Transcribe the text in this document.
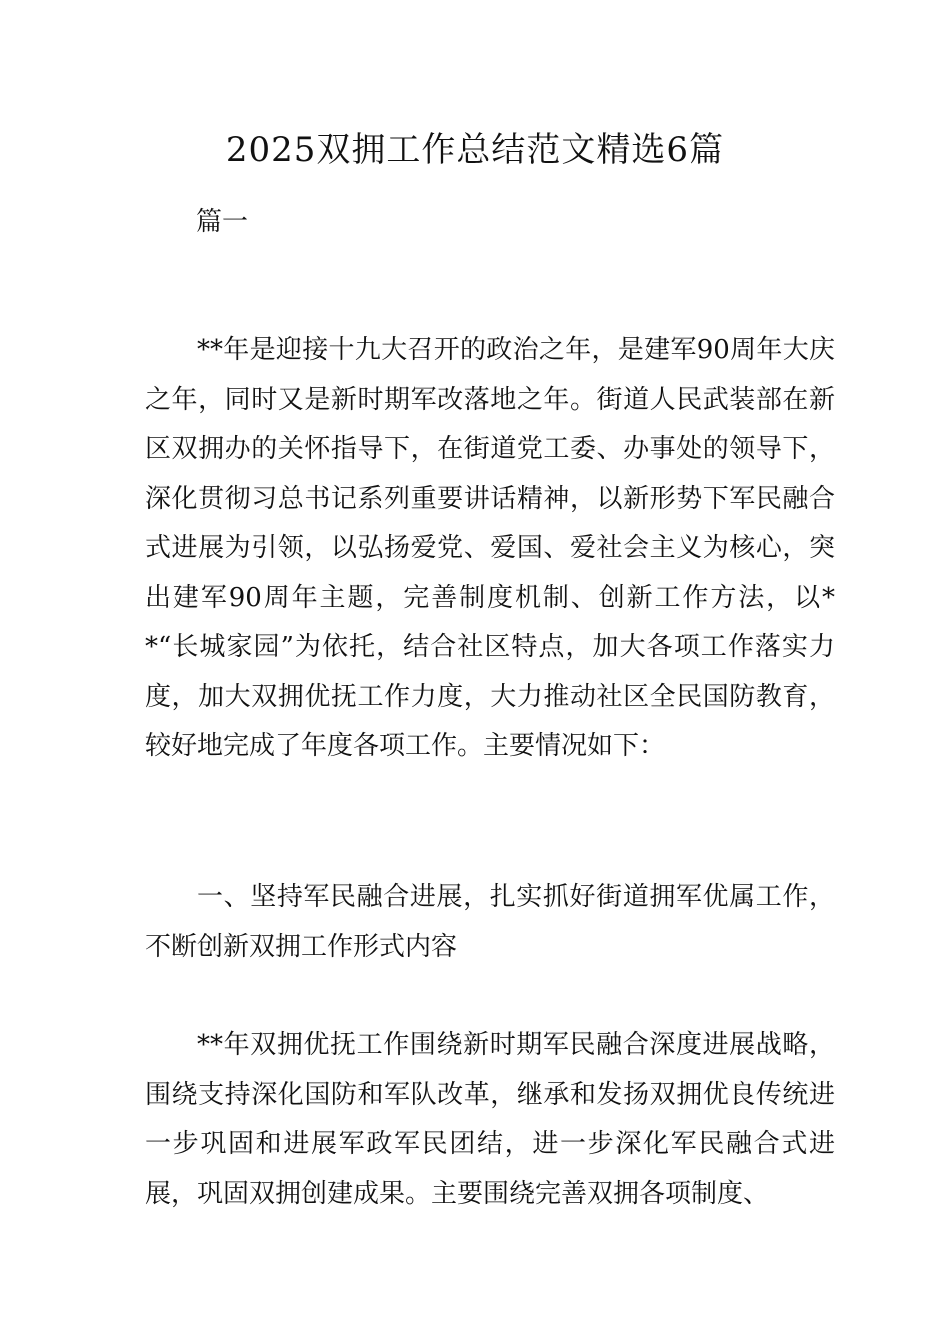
2025双拥工作总结范文精选6篇

篇一

**年是迎接十九大召开的政治之年，是建军90周年大庆之年，同时又是新时期军改落地之年。街道人民武装部在新区双拥办的关怀指导下，在街道党工委、办事处的领导下，深化贯彻习总书记系列重要讲话精神，以新形势下军民融合式进展为引领，以弘扬爱党、爱国、爱社会主义为核心，突出建军90周年主题，完善制度机制、创新工作方法，以**“长城家园”为依托，结合社区特点，加大各项工作落实力度，加大双拥优抚工作力度，大力推动社区全民国防教育，较好地完成了年度各项工作。主要情况如下：

一、坚持军民融合进展，扎实抓好街道拥军优属工作，不断创新双拥工作形式内容

**年双拥优抚工作围绕新时期军民融合深度进展战略，围绕支持深化国防和军队改革，继承和发扬双拥优良传统进一步巩固和进展军政军民团结，进一步深化军民融合式进展，巩固双拥创建成果。主要围绕完善双拥各项制度、
